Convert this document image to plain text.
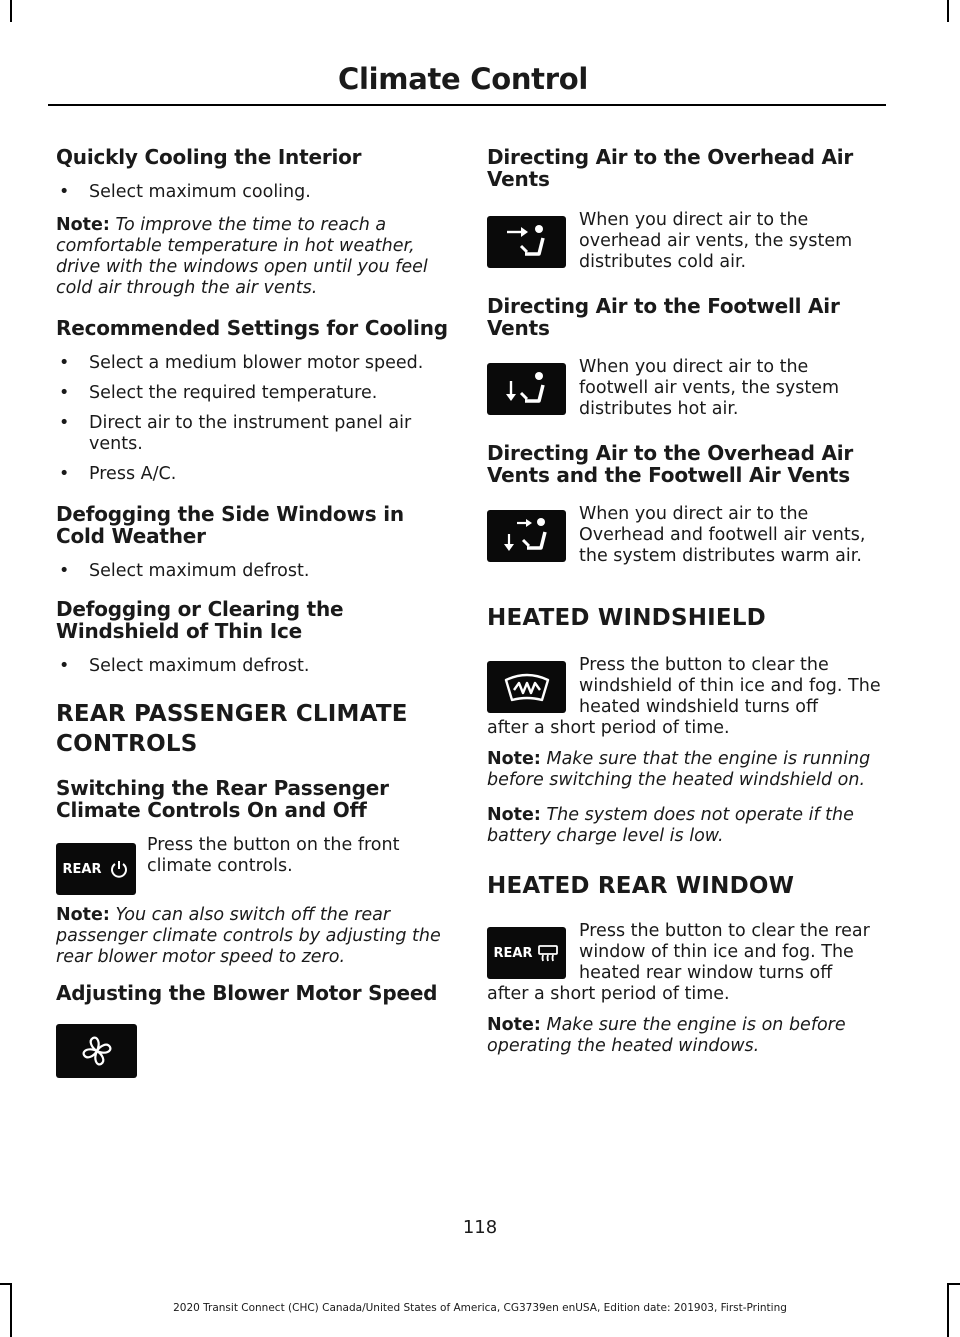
Climate Control
Quickly Cooling the Interior
• Select maximum cooling.
Note: To improve the time to reach a comfortable temperature in hot weather, drive with the windows open until you feel cold air through the air vents.
Recommended Settings for Cooling
• Select a medium blower motor speed.
• Select the required temperature.
• Direct air to the instrument panel air vents.
• Press A/C.
Defogging the Side Windows in Cold Weather
• Select maximum defrost.
Defogging or Clearing the Windshield of Thin Ice
• Select maximum defrost.
REAR PASSENGER CLIMATE
CONTROLS
Switching the Rear Passenger Climate Controls On and Off
REAR
Press the button on the front climate controls.
Note: You can also switch off the rear passenger climate controls by adjusting the rear blower motor speed to zero.
Adjusting the Blower Motor Speed
Directing Air to the Overhead Air Vents
When you direct air to the overhead air vents, the system distributes cold air.
Directing Air to the Footwell Air Vents
When you direct air to the footwell air vents, the system distributes hot air.
Directing Air to the Overhead Air Vents and the Footwell Air Vents
When you direct air to the Overhead and footwell air vents, the system distributes warm air.
HEATED WINDSHIELD
Press the button to clear the windshield of thin ice and fog. The heated windshield turns off
after a short period of time.
Note: Make sure that the engine is running before switching the heated windshield on.
Note: The system does not operate if the battery charge level is low.
HEATED REAR WINDOW
REAR
Press the button to clear the rear window of thin ice and fog. The heated rear window turns off
after a short period of time.
Note: Make sure the engine is on before operating the heated windows.
118
2020 Transit Connect (CHC) Canada/United States of America, CG3739en enUSA, Edition date: 201903, First-Printing
